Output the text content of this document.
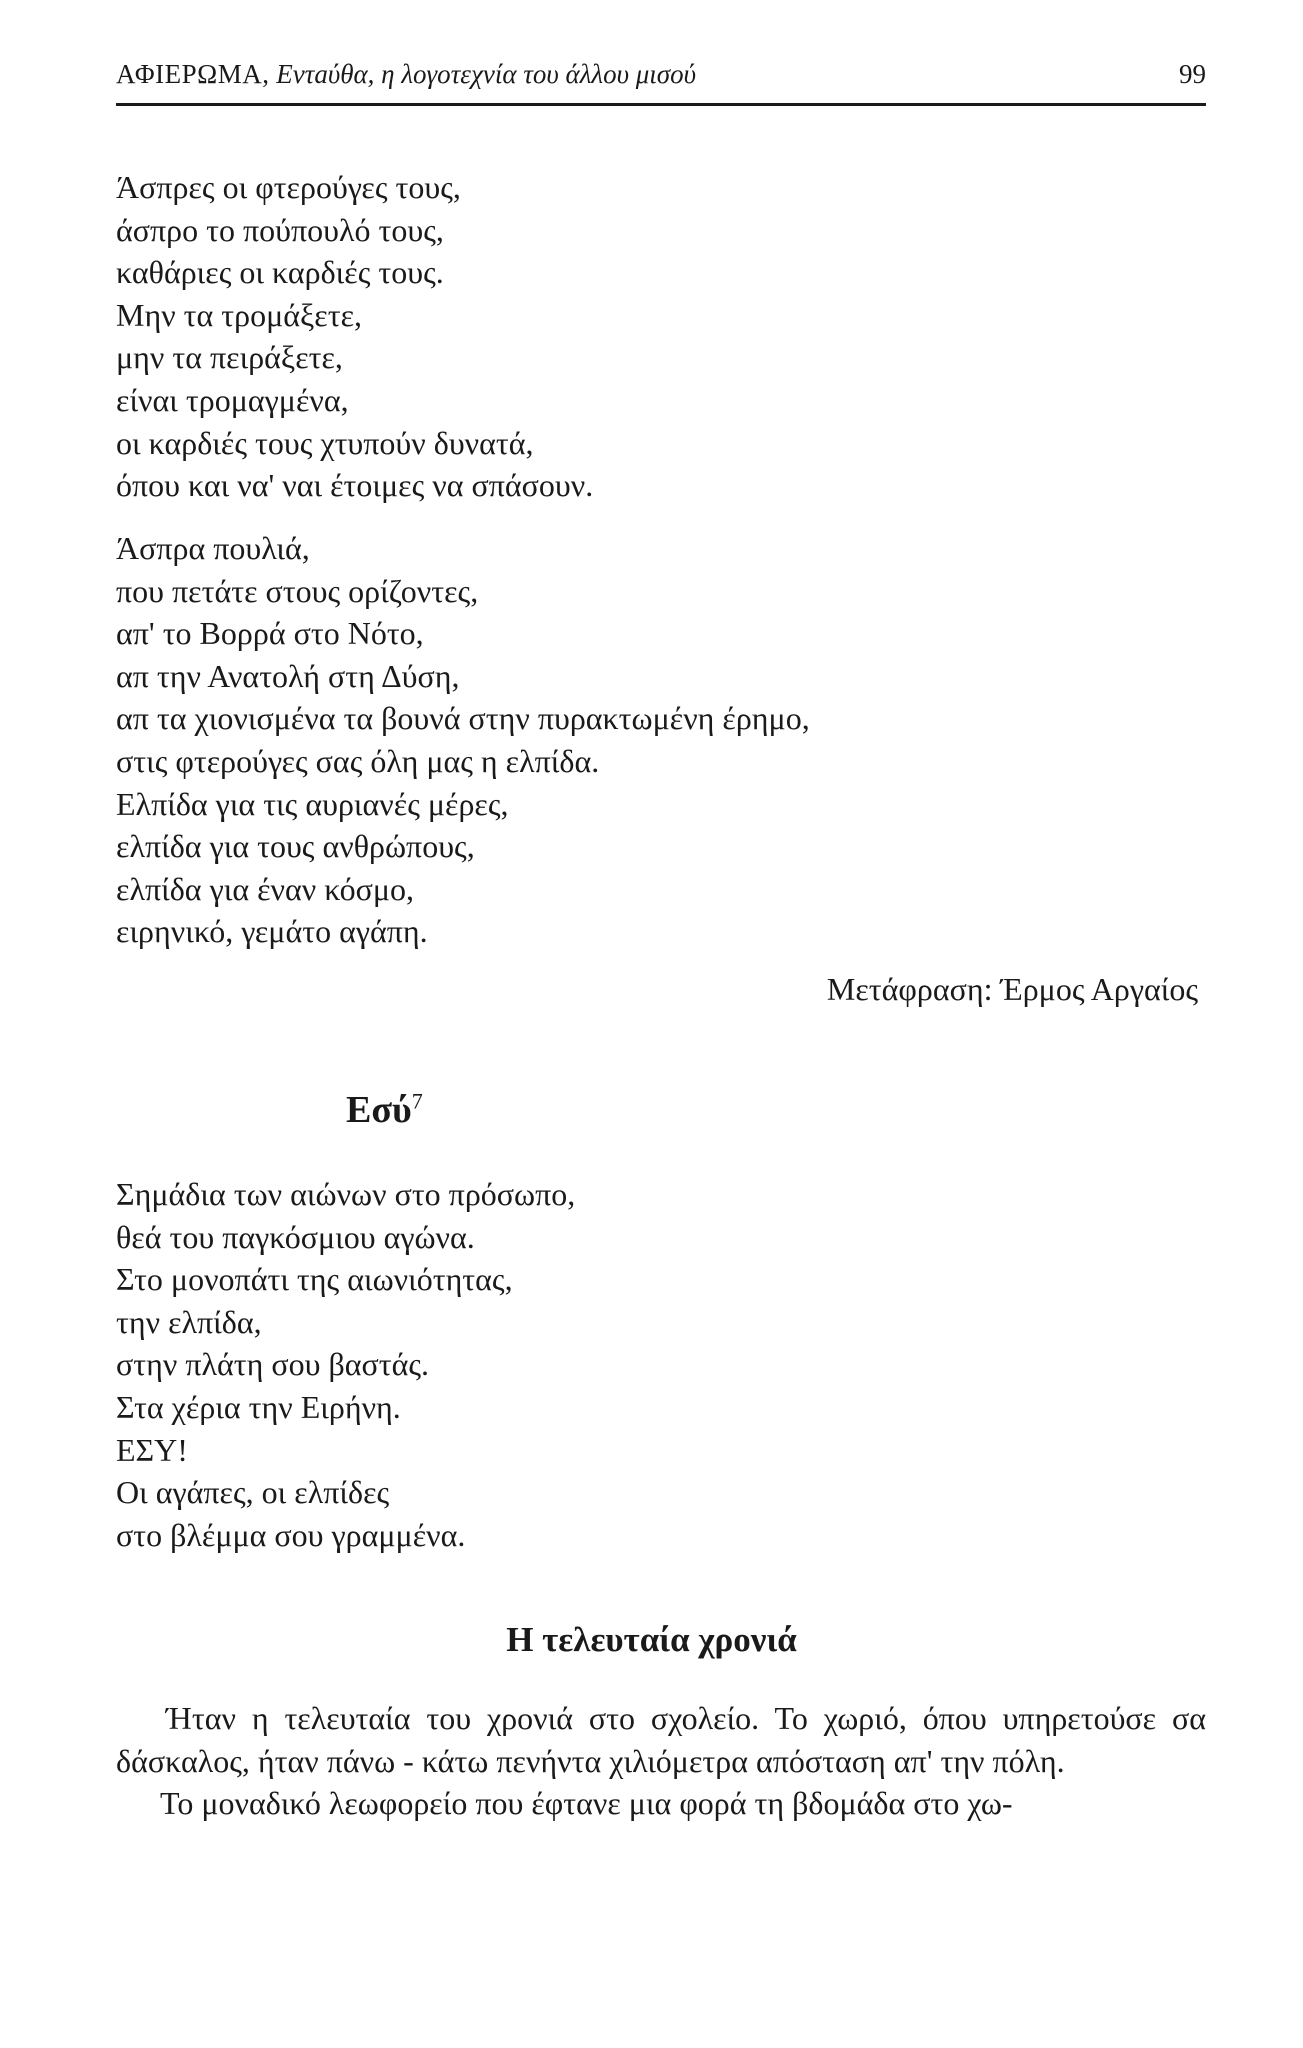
ΑΦΙΕΡΩΜΑ, Εντaύθα, η λογοτεχνία του άλλου μισού	99
Άσπρες οι φτερούγες τους,
άσπρο το πούπουλό τους,
καθάριες οι καρδιές τους.
Μην τα τρομάξετε,
μην τα πειράξετε,
είναι τρομαγμένα,
οι καρδιές τους χτυπούν δυνατά,
όπου και να' ναι έτοιμες να σπάσουν.
Άσπρα πουλιά,
που πετάτε στους ορίζοντες,
απ' το Βορρά στο Νότο,
απ την Ανατολή στη Δύση,
απ τα χιονισμένα τα βουνά στην πυρακτωμένη έρημο,
στις φτερούγες σας όλη μας η ελπίδα.
Ελπίδα για τις αυριανές μέρες,
ελπίδα για τους ανθρώπους,
ελπίδα για έναν κόσμο,
ειρηνικό, γεμάτο αγάπη.
Μετάφραση: Έρμος Αργαίος
Εσύ$^7$
Σημάδια των αιώνων στο πρόσωπο,
θεά του παγκόσμιου αγώνα.
Στο μονοπάτι της αιωνιότητας,
την ελπίδα,
στην πλάτη σου βαστάς.
Στα χέρια την Ειρήνη.
ΕΣΥ!
Οι αγάπες, οι ελπίδες
στο βλέμμα σου γραμμένα.
Η τελευταία χρονιά

Ήταν η τελευταία του χρονιά στο σχολείο. Το χωριό, όπου υπηρετούσε σα δάσκαλος, ήταν πάνω - κάτω πενήντα χιλιόμετρα απόσταση απ' την πόλη.

Το μοναδικό λεωφορείο που έφτανε μια φορά τη βδομάδα στο χω-
